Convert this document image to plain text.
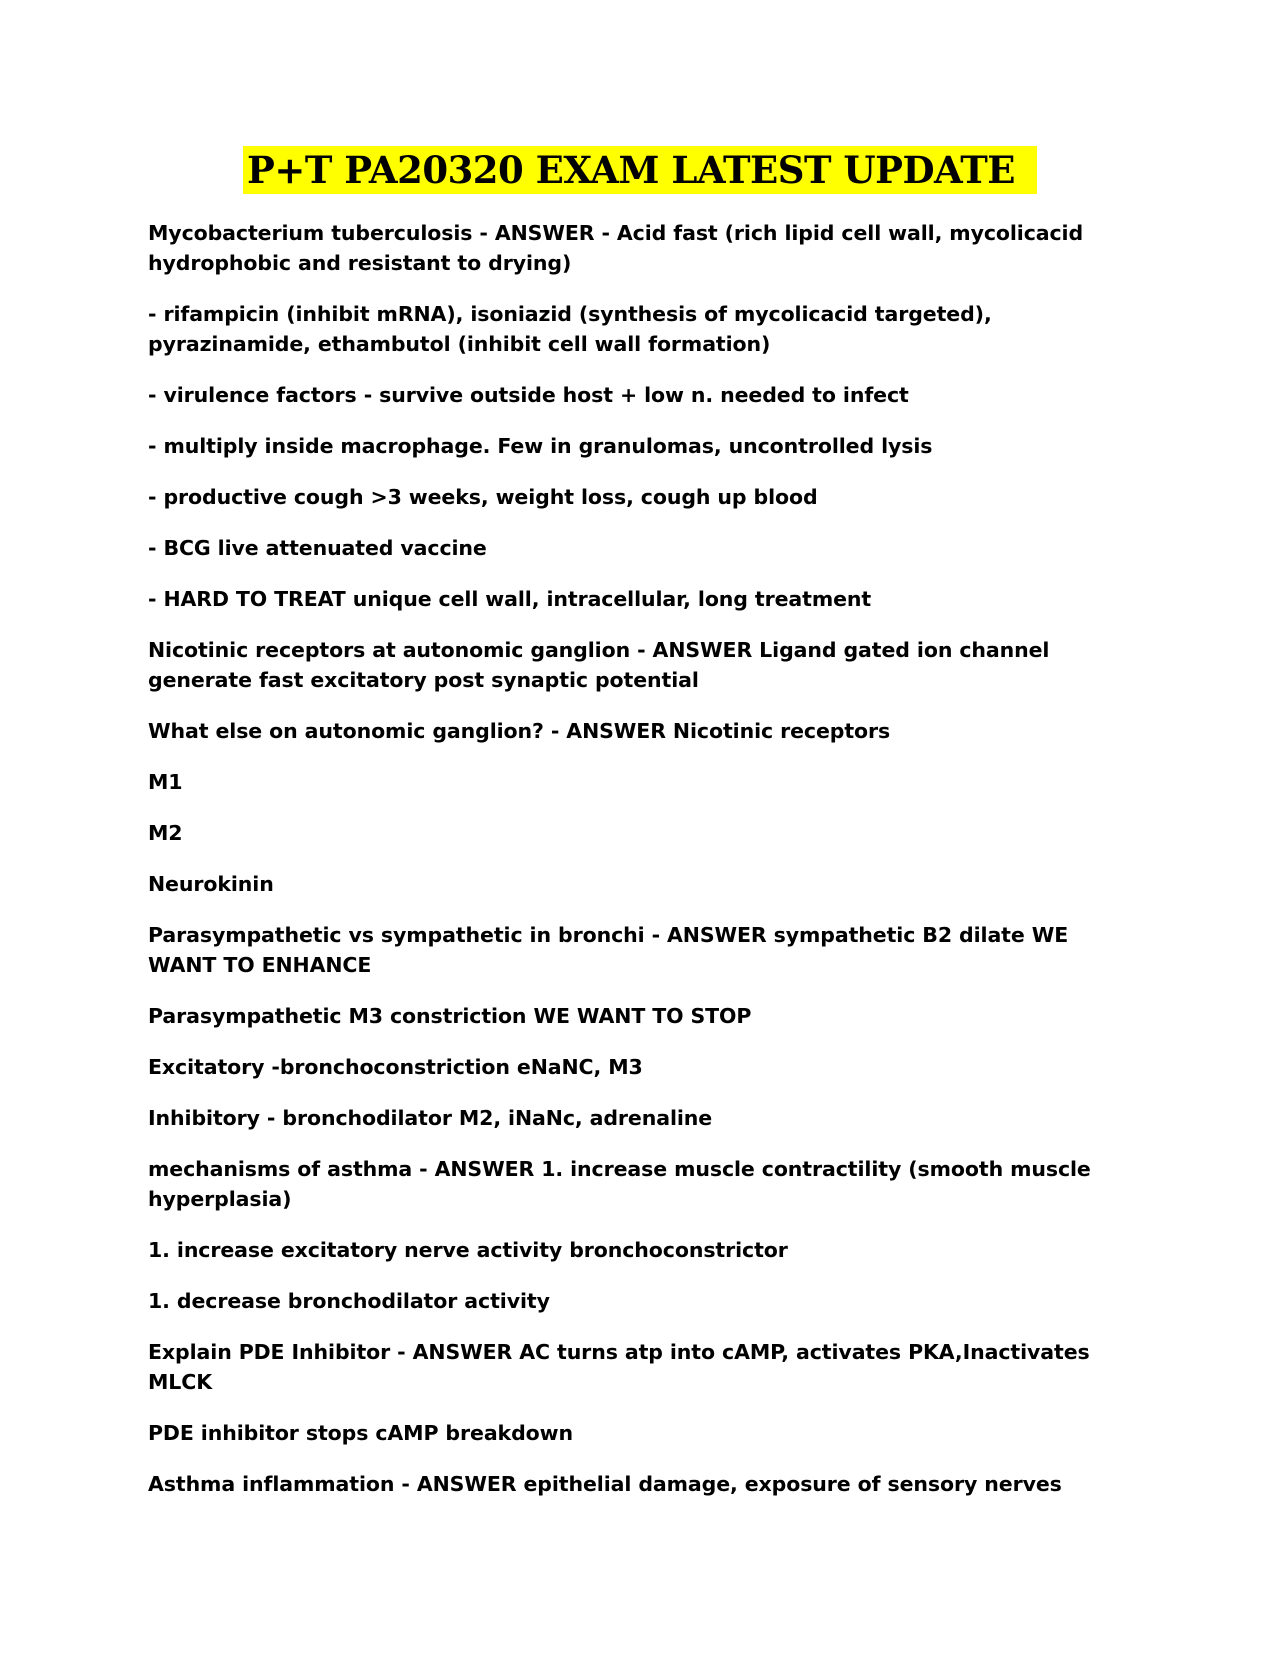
P+T PA20320 EXAM LATEST UPDATE

Mycobacterium tuberculosis - ANSWER - Acid fast (rich lipid cell wall, mycolicacid hydrophobic and resistant to drying)

- rifampicin (inhibit mRNA), isoniazid (synthesis of mycolicacid targeted), pyrazinamide, ethambutol (inhibit cell wall formation)

- virulence factors - survive outside host + low n. needed to infect

- multiply inside macrophage. Few in granulomas, uncontrolled lysis

- productive cough >3 weeks, weight loss, cough up blood

- BCG live attenuated vaccine

- HARD TO TREAT unique cell wall, intracellular, long treatment

Nicotinic receptors at autonomic ganglion - ANSWER Ligand gated ion channel generate fast excitatory post synaptic potential

What else on autonomic ganglion? - ANSWER Nicotinic receptors

M1

M2

Neurokinin

Parasympathetic vs sympathetic in bronchi - ANSWER sympathetic B2 dilate WE WANT TO ENHANCE

Parasympathetic M3 constriction WE WANT TO STOP

Excitatory -bronchoconstriction eNaNC, M3

Inhibitory - bronchodilator M2, iNaNc, adrenaline

mechanisms of asthma - ANSWER 1. increase muscle contractility (smooth muscle hyperplasia)

1. increase excitatory nerve activity bronchoconstrictor

1. decrease bronchodilator activity

Explain PDE Inhibitor - ANSWER AC turns atp into cAMP, activates PKA,Inactivates MLCK

PDE inhibitor stops cAMP breakdown

Asthma inflammation - ANSWER epithelial damage, exposure of sensory nerves
